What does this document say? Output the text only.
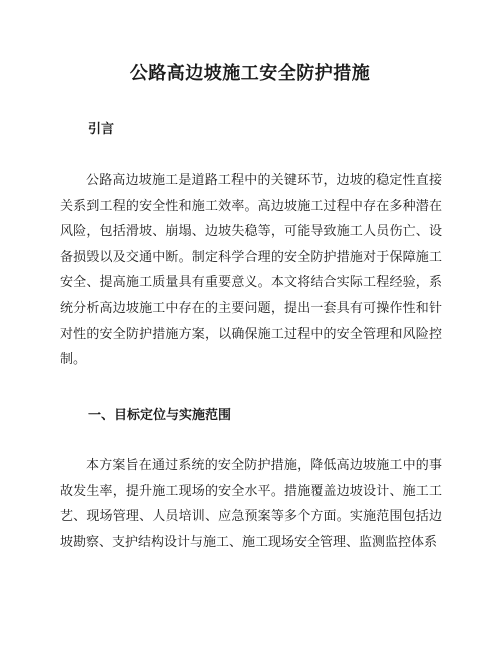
公路高边坡施工安全防护措施
引言

公路高边坡施工是道路工程中的关键环节，边坡的稳定性直接关系到工程的安全性和施工效率。高边坡施工过程中存在多种潜在风险，包括滑坡、崩塌、边坡失稳等，可能导致施工人员伤亡、设备损毁以及交通中断。制定科学合理的安全防护措施对于保障施工安全、提高施工质量具有重要意义。本文将结合实际工程经验，系统分析高边坡施工中存在的主要问题，提出一套具有可操作性和针对性的安全防护措施方案，以确保施工过程中的安全管理和风险控制。

一、目标定位与实施范围

本方案旨在通过系统的安全防护措施，降低高边坡施工中的事故发生率，提升施工现场的安全水平。措施覆盖边坡设计、施工工艺、现场管理、人员培训、应急预案等多个方面。实施范围包括边坡勘察、支护结构设计与施工、施工现场安全管理、监测监控体系
